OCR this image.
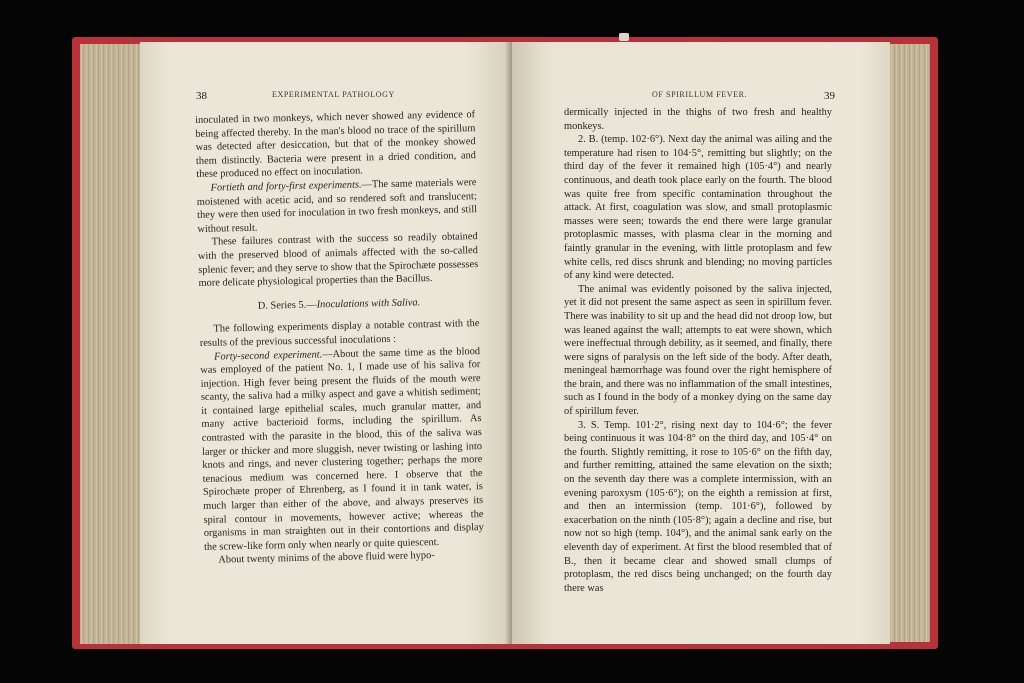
38	EXPERIMENTAL PATHOLOGY

inoculated in two monkeys, which never showed any evidence of being affected thereby. In the man's blood no trace of the spirillum was detected after desiccation, but that of the monkey showed them distinctly. Bacteria were present in a dried condition, and these produced no effect on inoculation.

Fortieth and forty-first experiments.—The same materials were moistened with acetic acid, and so rendered soft and translucent; they were then used for inoculation in two fresh monkeys, and still without result.

These failures contrast with the success so readily obtained with the preserved blood of animals affected with the so-called splenic fever; and they serve to show that the Spirochæte possesses more delicate physiological properties than the Bacillus.

D. Series 5.—Inoculations with Saliva.

The following experiments display a notable contrast with the results of the previous successful inoculations :

Forty-second experiment.—About the same time as the blood was employed of the patient No. 1, I made use of his saliva for injection. High fever being present the fluids of the mouth were scanty, the saliva had a milky aspect and gave a whitish sediment; it contained large epithelial scales, much granular matter, and many active bacterioid forms, including the spirillum. As contrasted with the parasite in the blood, this of the saliva was larger or thicker and more sluggish, never twisting or lashing into knots and rings, and never clustering together; perhaps the more tenacious medium was concerned here. I observe that the Spirochæte proper of Ehrenberg, as I found it in tank water, is much larger than either of the above, and always preserves its spiral contour in movements, however active; whereas the organisms in man straighten out in their contortions and display the screw-like form only when nearly or quite quiescent.

About twenty minims of the above fluid were hypo-

OF SPIRILLUM FEVER.	39

dermically injected in the thighs of two fresh and healthy monkeys.

2. B. (temp. 102·6°). Next day the animal was ailing and the temperature had risen to 104·5°, remitting but slightly; on the third day of the fever it remained high (105·4°) and nearly continuous, and death took place early on the fourth. The blood was quite free from specific contamination throughout the attack. At first, coagulation was slow, and small protoplasmic masses were seen; towards the end there were large granular protoplasmic masses, with plasma clear in the morning and faintly granular in the evening, with little protoplasm and few white cells, red discs shrunk and blending; no moving particles of any kind were detected.

The animal was evidently poisoned by the saliva injected, yet it did not present the same aspect as seen in spirillum fever. There was inability to sit up and the head did not droop low, but was leaned against the wall; attempts to eat were shown, which were ineffectual through debility, as it seemed, and finally, there were signs of paralysis on the left side of the body. After death, meningeal hæmorrhage was found over the right hemisphere of the brain, and there was no inflammation of the small intestines, such as I found in the body of a monkey dying on the same day of spirillum fever.

3. S. Temp. 101·2°, rising next day to 104·6°; the fever being continuous it was 104·8° on the third day, and 105·4° on the fourth. Slightly remitting, it rose to 105·6° on the fifth day, and further remitting, attained the same elevation on the sixth; on the seventh day there was a complete intermission, with an evening paroxysm (105·6°); on the eighth a remission at first, and then an intermission (temp. 101·6°), followed by exacerbation on the ninth (105·8°); again a decline and rise, but now not so high (temp. 104°), and the animal sank early on the eleventh day of experiment. At first the blood resembled that of B., then it became clear and showed small clumps of protoplasm, the red discs being unchanged; on the fourth day there was
